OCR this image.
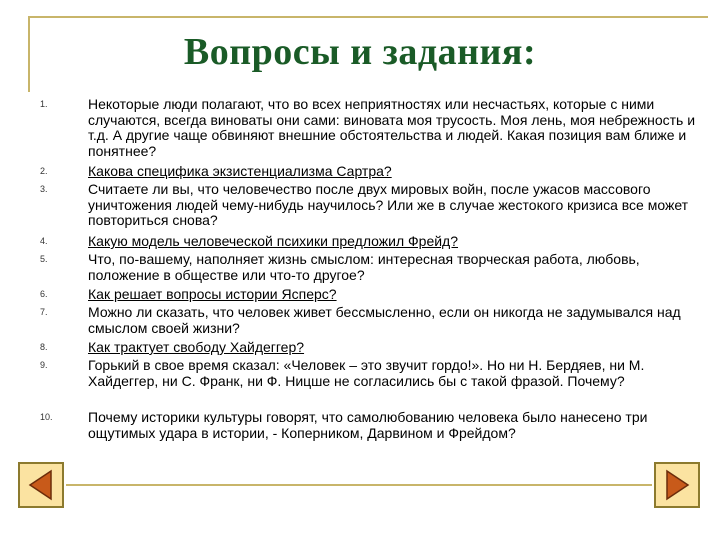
Вопросы и задания:
1.	Некоторые люди полагают, что во всех неприятностях или несчастьях, которые с ними случаются, всегда виноваты они сами: виновата моя трусость. Моя лень, моя небрежность и т.д. А другие чаще обвиняют внешние обстоятельства и людей. Какая позиция вам ближе и понятнее?
2.	Какова специфика экзистенциализма Сартра?
3.	Считаете ли вы, что человечество после двух мировых войн, после ужасов массового уничтожения людей чему-нибудь научилось? Или же в случае жестокого кризиса все может повториться снова?
4.	Какую модель человеческой психики предложил Фрейд?
5.	Что, по-вашему, наполняет жизнь смыслом: интересная творческая работа, любовь, положение в обществе или что-то другое?
6.	Как решает вопросы истории Ясперс?
7.	Можно ли сказать, что человек живет бессмысленно, если он никогда не задумывался над смыслом своей жизни?
8.	Как трактует свободу Хайдеггер?
9.	Горький в свое время сказал: «Человек – это звучит гордо!». Но ни Н. Бердяев, ни М. Хайдеггер, ни С. Франк, ни Ф. Ницше не согласились бы с такой фразой. Почему?
10.	Почему историки культуры говорят, что самолюбованию человека было нанесено три ощутимых удара в истории, - Коперником, Дарвином и Фрейдом?
